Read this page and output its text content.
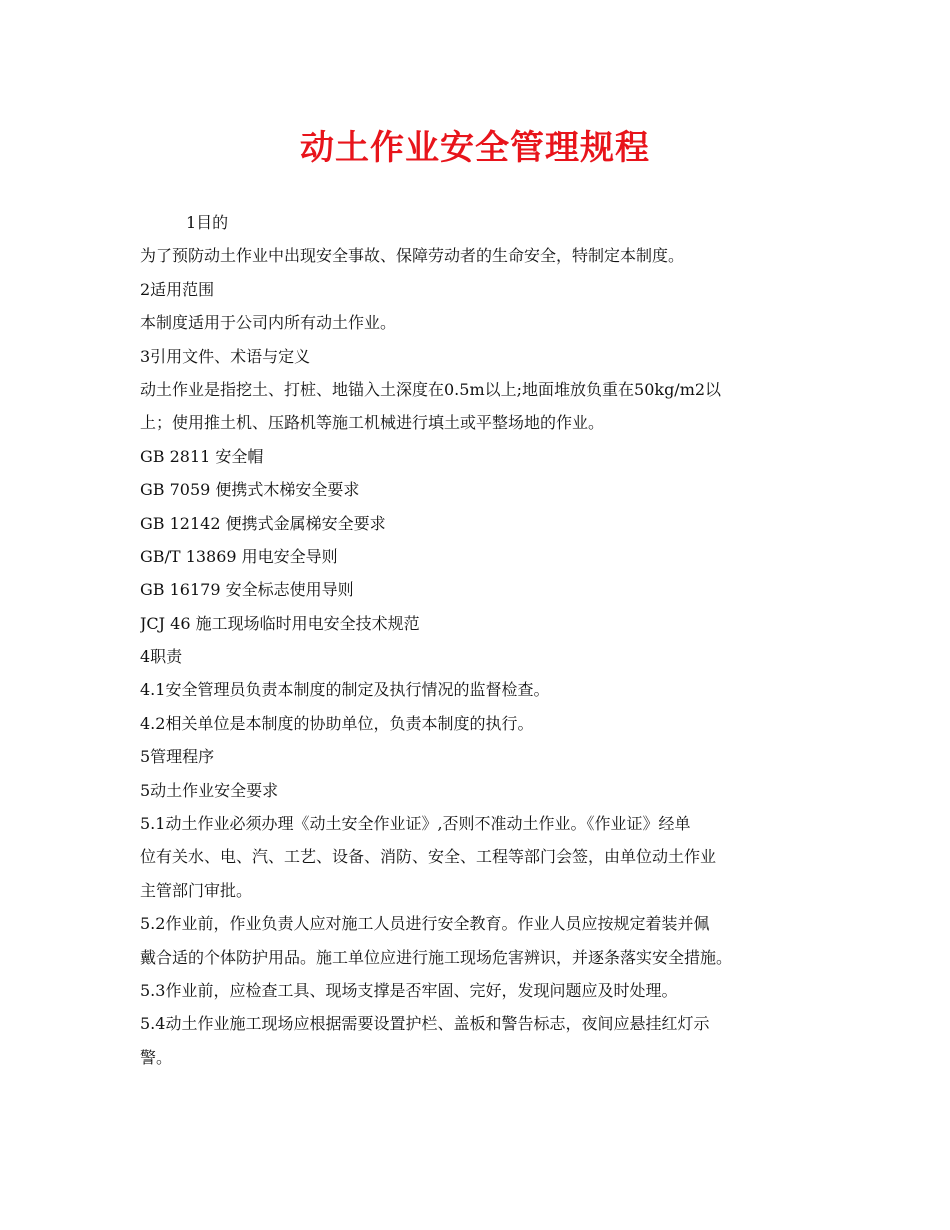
动土作业安全管理规程
1目的
为了预防动土作业中出现安全事故、保障劳动者的生命安全，特制定本制度。
2适用范围
本制度适用于公司内所有动土作业。
3引用文件、术语与定义
动土作业是指挖土、打桩、地锚入土深度在0.5m以上;地面堆放负重在50kg/m2以
上；使用推土机、压路机等施工机械进行填土或平整场地的作业。
GB 2811 安全帽
GB 7059 便携式木梯安全要求
GB 12142 便携式金属梯安全要求
GB/T 13869 用电安全导则
GB 16179 安全标志使用导则
JCJ 46 施工现场临时用电安全技术规范
4职责
4.1安全管理员负责本制度的制定及执行情况的监督检查。
4.2相关单位是本制度的协助单位，负责本制度的执行。
5管理程序
5动土作业安全要求
5.1动土作业必须办理《动土安全作业证》,否则不准动土作业。《作业证》经单
位有关水、电、汽、工艺、设备、消防、安全、工程等部门会签，由单位动土作业
主管部门审批。
5.2作业前，作业负责人应对施工人员进行安全教育。作业人员应按规定着装并佩
戴合适的个体防护用品。施工单位应进行施工现场危害辨识，并逐条落实安全措施。
5.3作业前，应检查工具、现场支撑是否牢固、完好，发现问题应及时处理。
5.4动土作业施工现场应根据需要设置护栏、盖板和警告标志，夜间应悬挂红灯示
警。
